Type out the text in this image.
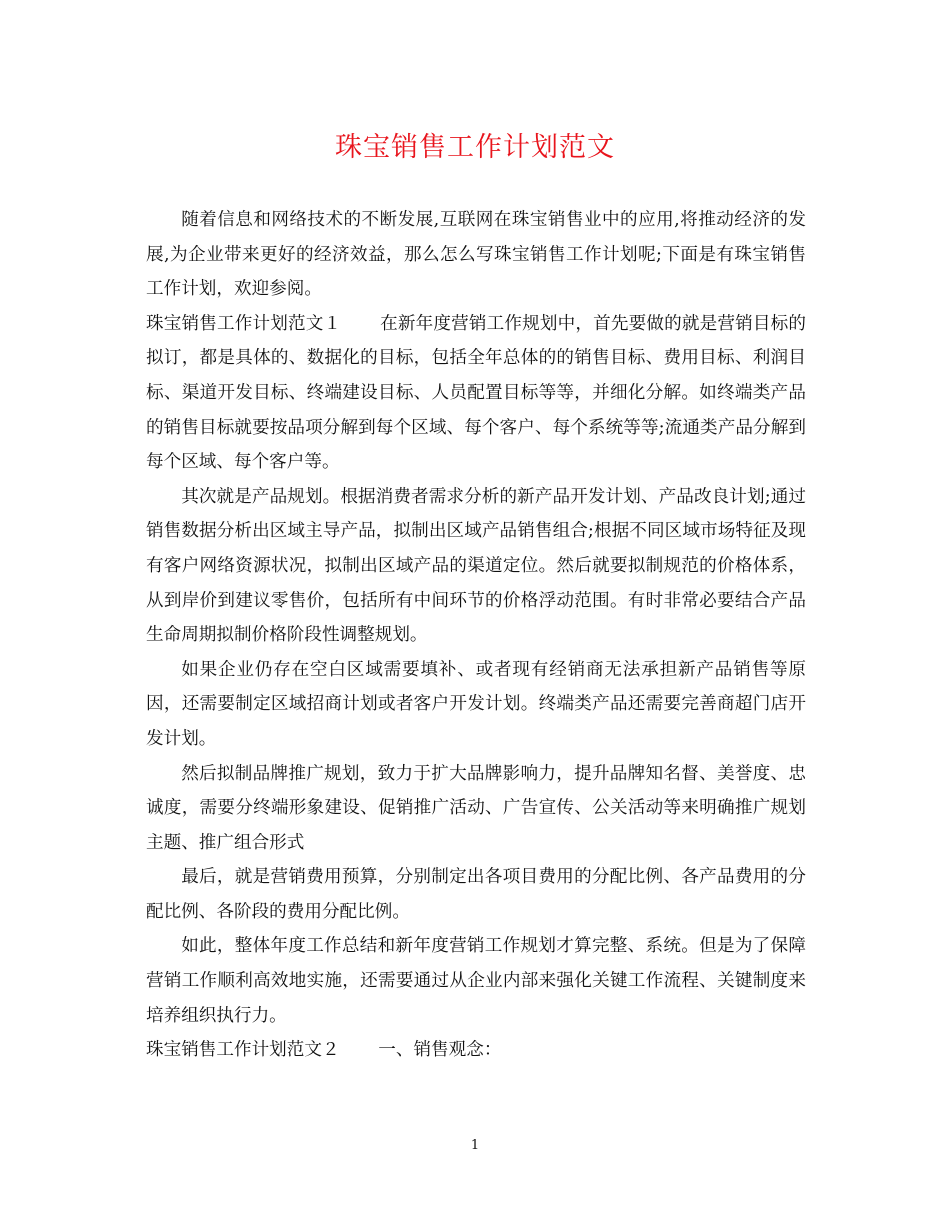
珠宝销售工作计划范文

随着信息和网络技术的不断发展,互联网在珠宝销售业中的应用,将推动经济的发展,为企业带来更好的经济效益，那么怎么写珠宝销售工作计划呢;下面是有珠宝销售工作计划，欢迎参阅。

珠宝销售工作计划范文１ 在新年度营销工作规划中，首先要做的就是营销目标的拟订，都是具体的、数据化的目标，包括全年总体的的销售目标、费用目标、利润目标、渠道开发目标、终端建设目标、人员配置目标等等，并细化分解。如终端类产品的销售目标就要按品项分解到每个区域、每个客户、每个系统等等;流通类产品分解到每个区域、每个客户等。

其次就是产品规划。根据消费者需求分析的新产品开发计划、产品改良计划;通过销售数据分析出区域主导产品，拟制出区域产品销售组合;根据不同区域市场特征及现有客户网络资源状况，拟制出区域产品的渠道定位。然后就要拟制规范的价格体系，从到岸价到建议零售价，包括所有中间环节的价格浮动范围。有时非常必要结合产品生命周期拟制价格阶段性调整规划。

如果企业仍存在空白区域需要填补、或者现有经销商无法承担新产品销售等原因，还需要制定区域招商计划或者客户开发计划。终端类产品还需要完善商超门店开发计划。

然后拟制品牌推广规划，致力于扩大品牌影响力，提升品牌知名督、美誉度、忠诚度，需要分终端形象建设、促销推广活动、广告宣传、公关活动等来明确推广规划主题、推广组合形式

最后，就是营销费用预算，分别制定出各项目费用的分配比例、各产品费用的分配比例、各阶段的费用分配比例。

如此，整体年度工作总结和新年度营销工作规划才算完整、系统。但是为了保障营销工作顺利高效地实施，还需要通过从企业内部来强化关键工作流程、关键制度来培养组织执行力。

珠宝销售工作计划范文２ 一、销售观念：

1
